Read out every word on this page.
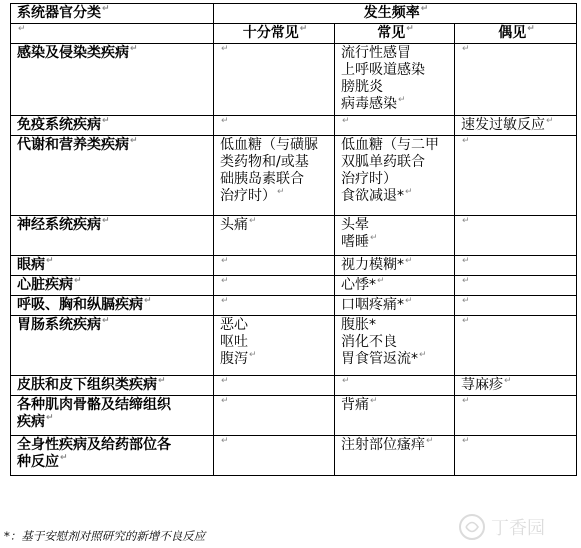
系统器官分类↵	发生频率↵		
↵	十分常见↵	常见↵	偶见↵

感染及侵染类疾病↵	↵	流行性感冒
上呼吸道感染
膀胱炎
病毒感染↵	↵

免疫系统疾病↵	↵	↵	速发过敏反应↵

代谢和营养类疾病↵	低血糖（与磺脲
类药物和/或基
础胰岛素联合
治疗时）↵	低血糖（与二甲
双胍单药联合
治疗时）
食欲减退*↵	↵

神经系统疾病↵	头痛↵	头晕
嗜睡↵	↵

眼病↵	↵	视力模糊*↵	↵

心脏疾病↵	↵	心悸*↵	↵

呼吸、胸和纵膈疾病↵	↵	口咽疼痛*↵	↵

胃肠系统疾病↵	恶心
呕吐
腹泻↵	腹胀*
消化不良
胃食管返流*↵	↵

皮肤和皮下组织类疾病↵	↵	↵	荨麻疹↵

各种肌肉骨骼及结缔组织
疾病↵	↵	背痛↵	↵

全身性疾病及给药部位各
种反应↵	↵	注射部位瘙痒↵	↵
*：基于安慰剂对照研究的新增不良反应	丁香园
